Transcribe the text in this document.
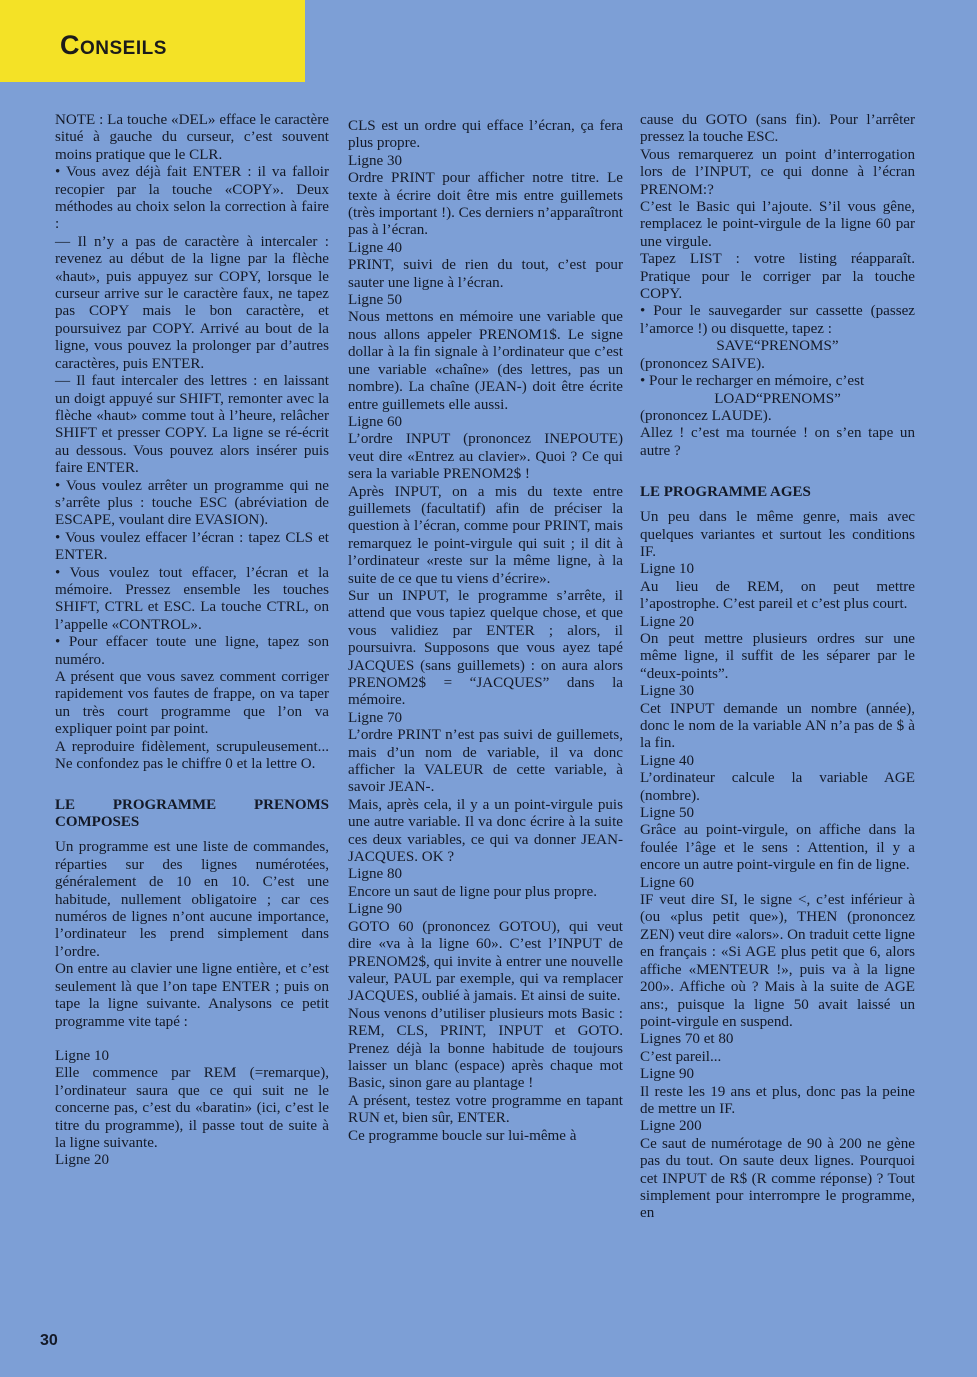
Conseils

NOTE : La touche «DEL» efface le caractère situé à gauche du curseur, c’est souvent moins pratique que le CLR.

• Vous avez déjà fait ENTER : il va falloir recopier par la touche «COPY». Deux méthodes au choix selon la correction à faire :

— Il n’y a pas de caractère à intercaler : revenez au début de la ligne par la flèche «haut», puis appuyez sur COPY, lorsque le curseur arrive sur le caractère faux, ne tapez pas COPY mais le bon caractère, et poursuivez par COPY. Arrivé au bout de la ligne, vous pouvez la prolonger par d’autres caractères, puis ENTER.

— Il faut intercaler des lettres : en laissant un doigt appuyé sur SHIFT, remonter avec la flèche «haut» comme tout à l’heure, relâcher SHIFT et presser COPY. La ligne se ré-écrit au dessous. Vous pouvez alors insérer puis faire ENTER.

• Vous voulez arrêter un programme qui ne s’arrête plus : touche ESC (abréviation de ESCAPE, voulant dire EVASION).

• Vous voulez effacer l’écran : tapez CLS et ENTER.

• Vous voulez tout effacer, l’écran et la mémoire. Pressez ensemble les touches SHIFT, CTRL et ESC. La touche CTRL, on l’appelle «CONTROL».

• Pour effacer toute une ligne, tapez son numéro.

A présent que vous savez comment corriger rapidement vos fautes de frappe, on va taper un très court programme que l’on va expliquer point par point.

A reproduire fidèlement, scrupuleusement... Ne confondez pas le chiffre 0 et la lettre O.

LE PROGRAMME PRENOMS COMPOSES

Un programme est une liste de commandes, réparties sur des lignes numérotées, généralement de 10 en 10. C’est une habitude, nullement obligatoire ; car ces numéros de lignes n’ont aucune importance, l’ordinateur les prend simplement dans l’ordre.

On entre au clavier une ligne entière, et c’est seulement là que l’on tape ENTER ; puis on tape la ligne suivante. Analysons ce petit programme vite tapé :

Ligne 10

Elle commence par REM (=remarque), l’ordinateur saura que ce qui suit ne le concerne pas, c’est du «baratin» (ici, c’est le titre du programme), il passe tout de suite à la ligne suivante.

Ligne 20

CLS est un ordre qui efface l’écran, ça fera plus propre.

Ligne 30

Ordre PRINT pour afficher notre titre. Le texte à écrire doit être mis entre guillemets (très important !). Ces derniers n’apparaîtront pas à l’écran.

Ligne 40

PRINT, suivi de rien du tout, c’est pour sauter une ligne à l’écran.

Ligne 50

Nous mettons en mémoire une variable que nous allons appeler PRENOM1$. Le signe dollar à la fin signale à l’ordinateur que c’est une variable «chaîne» (des lettres, pas un nombre). La chaîne (JEAN-) doit être écrite entre guillemets elle aussi.

Ligne 60

L’ordre INPUT (prononcez INEPOUTE) veut dire «Entrez au clavier». Quoi ? Ce qui sera la variable PRENOM2$ !

Après INPUT, on a mis du texte entre guillemets (facultatif) afin de préciser la question à l’écran, comme pour PRINT, mais remarquez le point-virgule qui suit ; il dit à l’ordinateur «reste sur la même ligne, à la suite de ce que tu viens d’écrire».

Sur un INPUT, le programme s’arrête, il attend que vous tapiez quelque chose, et que vous validiez par ENTER ; alors, il poursuivra. Supposons que vous ayez tapé JACQUES (sans guillemets) : on aura alors PRENOM2$ = “JACQUES” dans la mémoire.

Ligne 70

L’ordre PRINT n’est pas suivi de guillemets, mais d’un nom de variable, il va donc afficher la VALEUR de cette variable, à savoir JEAN-.

Mais, après cela, il y a un point-virgule puis une autre variable. Il va donc écrire à la suite ces deux variables, ce qui va donner JEAN-JACQUES. OK ?

Ligne 80

Encore un saut de ligne pour plus propre.

Ligne 90

GOTO 60 (prononcez GOTOU), qui veut dire «va à la ligne 60». C’est l’INPUT de PRENOM2$, qui invite à entrer une nouvelle valeur, PAUL par exemple, qui va remplacer JACQUES, oublié à jamais. Et ainsi de suite.

Nous venons d’utiliser plusieurs mots Basic : REM, CLS, PRINT, INPUT et GOTO. Prenez déjà la bonne habitude de toujours laisser un blanc (espace) après chaque mot Basic, sinon gare au plantage !

A présent, testez votre programme en tapant RUN et, bien sûr, ENTER.

Ce programme boucle sur lui-même à

cause du GOTO (sans fin). Pour l’arrêter pressez la touche ESC.

Vous remarquerez un point d’interrogation lors de l’INPUT, ce qui donne à l’écran PRENOM:?

C’est le Basic qui l’ajoute. S’il vous gêne, remplacez le point-virgule de la ligne 60 par une virgule.

Tapez LIST : votre listing réapparaît. Pratique pour le corriger par la touche COPY.

• Pour le sauvegarder sur cassette (passez l’amorce !) ou disquette, tapez :

SAVE“PRENOMS”

(prononcez SAIVE).

• Pour le recharger en mémoire, c’est

LOAD“PRENOMS”

(prononcez LAUDE).

Allez ! c’est ma tournée ! on s’en tape un autre ?

LE PROGRAMME AGES

Un peu dans le même genre, mais avec quelques variantes et surtout les conditions IF.

Ligne 10

Au lieu de REM, on peut mettre l’apostrophe. C’est pareil et c’est plus court.

Ligne 20

On peut mettre plusieurs ordres sur une même ligne, il suffit de les séparer par le “deux-points”.

Ligne 30

Cet INPUT demande un nombre (année), donc le nom de la variable AN n’a pas de $ à la fin.

Ligne 40

L’ordinateur calcule la variable AGE (nombre).

Ligne 50

Grâce au point-virgule, on affiche dans la foulée l’âge et le sens : Attention, il y a encore un autre point-virgule en fin de ligne.

Ligne 60

IF veut dire SI, le signe <, c’est inférieur à (ou «plus petit que»), THEN (prononcez ZEN) veut dire «alors». On traduit cette ligne en français : «Si AGE plus petit que 6, alors affiche «MENTEUR !», puis va à la ligne 200». Affiche où ? Mais à la suite de AGE ans:, puisque la ligne 50 avait laissé un point-virgule en suspend.

Lignes 70 et 80

C’est pareil...

Ligne 90

Il reste les 19 ans et plus, donc pas la peine de mettre un IF.

Ligne 200

Ce saut de numérotage de 90 à 200 ne gène pas du tout. On saute deux lignes. Pourquoi cet INPUT de R$ (R comme réponse) ? Tout simplement pour interrompre le programme, en

30
